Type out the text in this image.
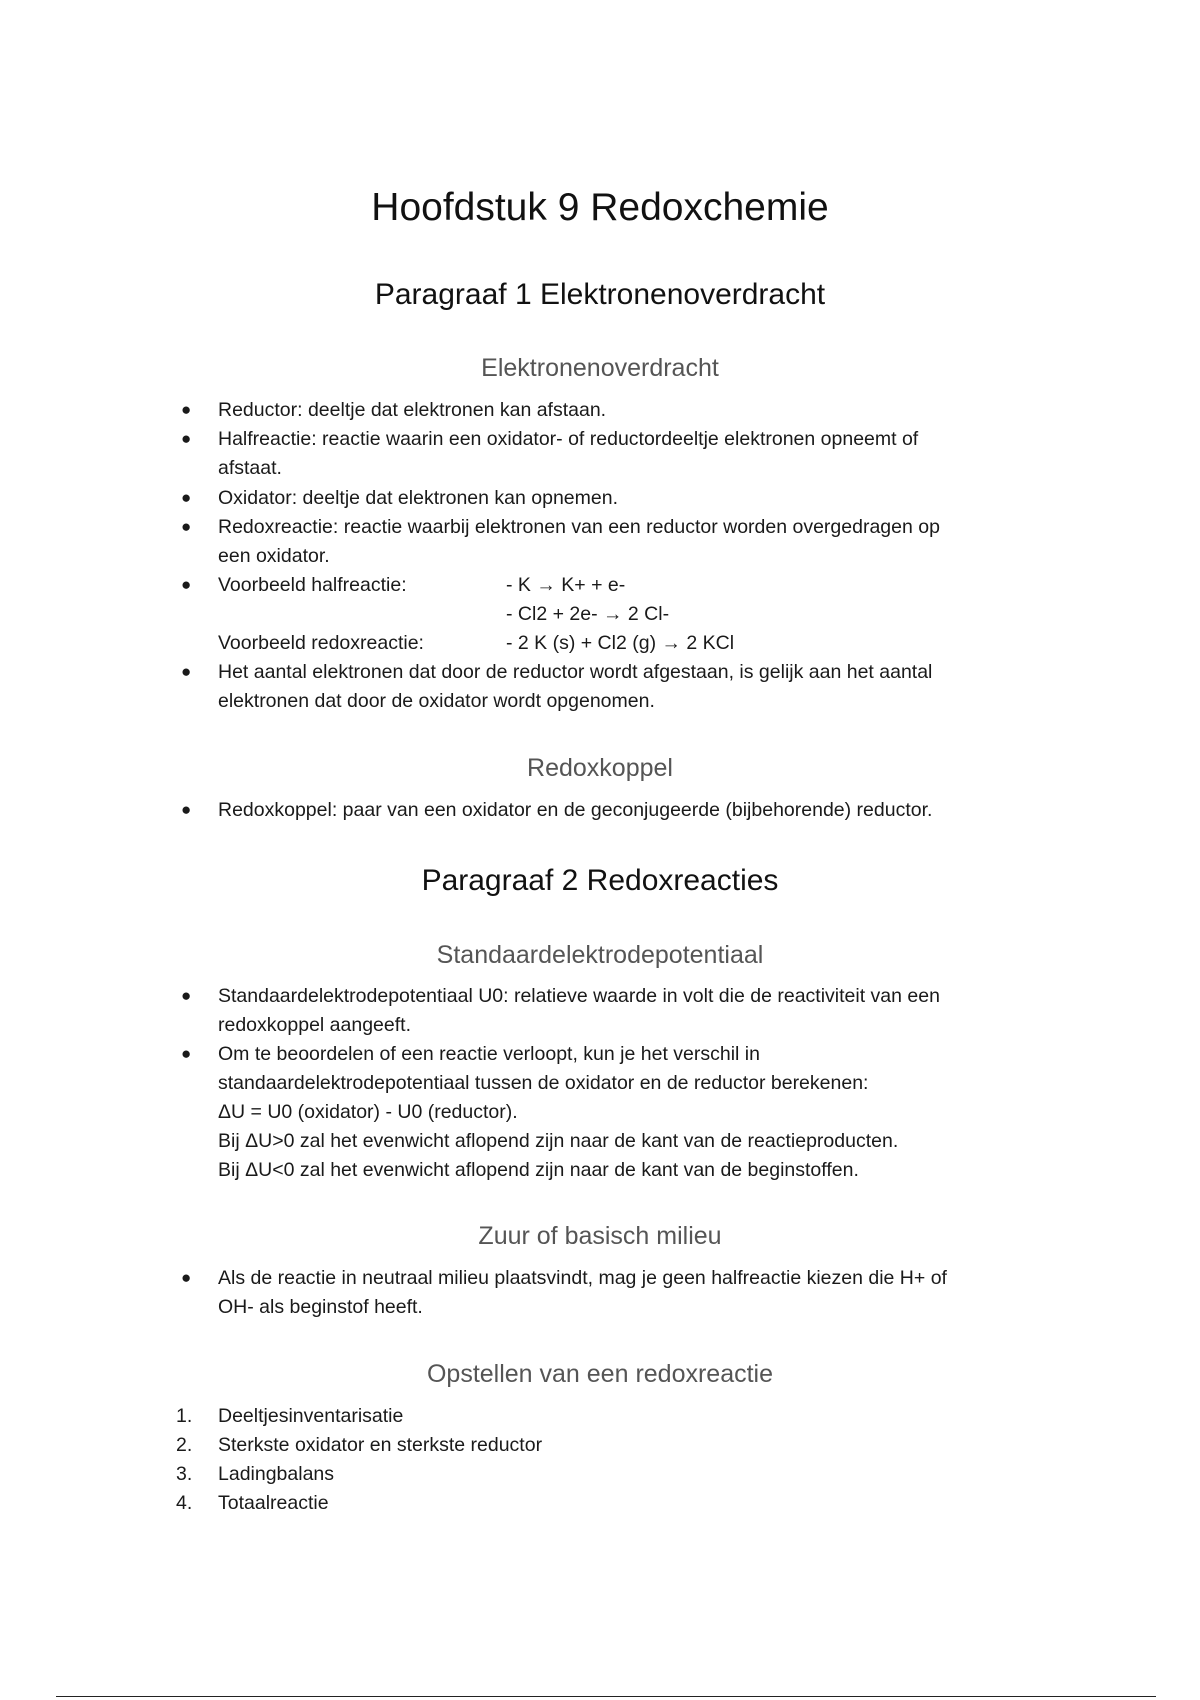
Hoofdstuk 9 Redoxchemie
Paragraaf 1 Elektronenoverdracht
Elektronenoverdracht
● Reductor: deeltje dat elektronen kan afstaan.
● Halfreactie: reactie waarin een oxidator- of reductordeeltje elektronen opneemt of
afstaat.
● Oxidator: deeltje dat elektronen kan opnemen.
● Redoxreactie: reactie waarbij elektronen van een reductor worden overgedragen op
een oxidator.
● Voorbeeld halfreactie:	- K → K+ + e-
- Cl2 + 2e- → 2 Cl-
Voorbeeld redoxreactie:	- 2 K (s) + Cl2 (g) → 2 KCl
● Het aantal elektronen dat door de reductor wordt afgestaan, is gelijk aan het aantal
elektronen dat door de oxidator wordt opgenomen.
Redoxkoppel
● Redoxkoppel: paar van een oxidator en de geconjugeerde (bijbehorende) reductor.
Paragraaf 2 Redoxreacties
Standaardelektrodepotentiaal
● Standaardelektrodepotentiaal U0: relatieve waarde in volt die de reactiviteit van een
redoxkoppel aangeeft.
● Om te beoordelen of een reactie verloopt, kun je het verschil in
standaardelektrodepotentiaal tussen de oxidator en de reductor berekenen:
ΔU = U0 (oxidator) - U0 (reductor).
Bij ΔU>0 zal het evenwicht aflopend zijn naar de kant van de reactieproducten.
Bij ΔU<0 zal het evenwicht aflopend zijn naar de kant van de beginstoffen.
Zuur of basisch milieu
● Als de reactie in neutraal milieu plaatsvindt, mag je geen halfreactie kiezen die H+ of
OH- als beginstof heeft.
Opstellen van een redoxreactie
1. Deeltjesinventarisatie
2. Sterkste oxidator en sterkste reductor
3. Ladingbalans
4. Totaalreactie
